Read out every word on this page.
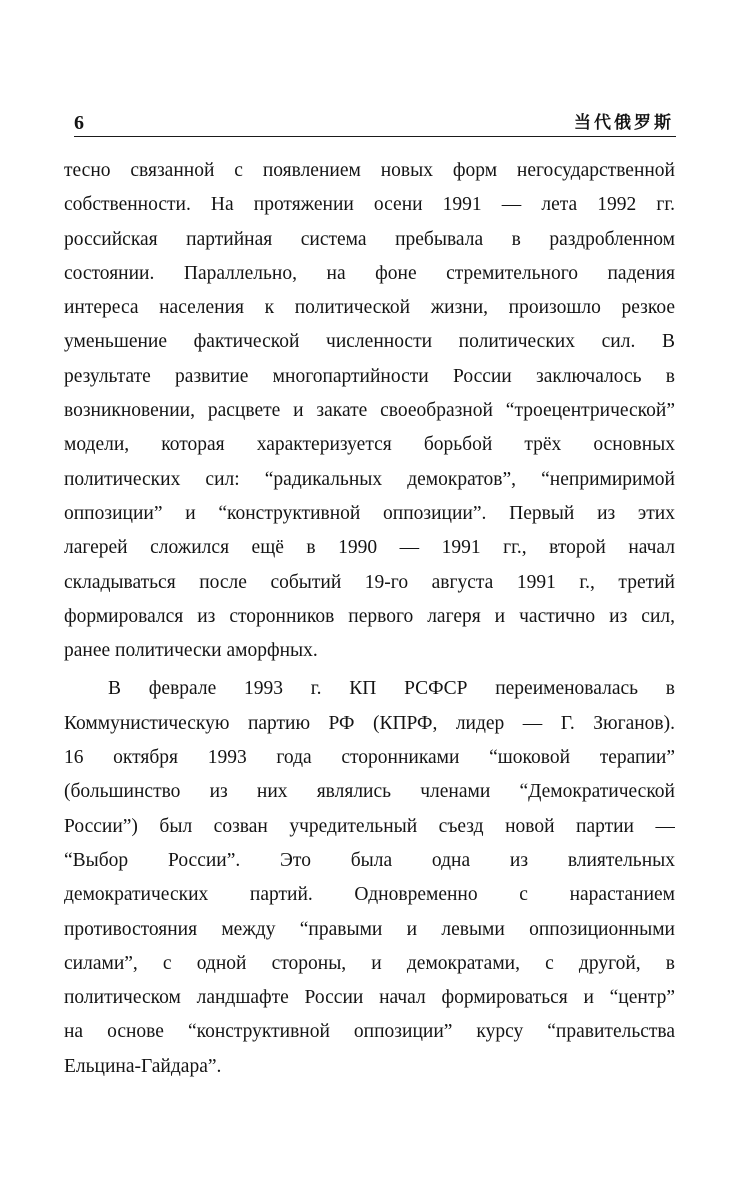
6	当代俄罗斯
тесно связанной с появлением новых форм негосударственной
собственности. На протяжении осени 1991 — лета 1992 гг.
российская партийная система пребывала в раздробленном
состоянии. Параллельно, на фоне стремительного падения
интереса населения к политической жизни, произошло резкое
уменьшение фактической численности политических сил. В
результате развитие многопартийности России заключалось в
возникновении, расцвете и закате своеобразной “троецентрической”
модели, которая характеризуется борьбой трёх основных
политических сил: “радикальных демократов”, “непримиримой
оппозиции” и “конструктивной оппозиции”. Первый из этих
лагерей сложился ещё в 1990 — 1991 гг., второй начал
складываться после событий 19-го августа 1991 г., третий
формировался из сторонников первого лагеря и частично из сил,
ранее политически аморфных.
В феврале 1993 г. КП РСФСР переименовалась в
Коммунистическую партию РФ (КПРФ, лидер — Г. Зюганов).
16 октября 1993 года сторонниками “шоковой терапии”
(большинство из них являлись членами “Демократической
России”) был созван учредительный съезд новой партии —
“Выбор России”. Это была одна из влиятельных
демократических партий. Одновременно с нарастанием
противостояния между “правыми и левыми оппозиционными
силами”, с одной стороны, и демократами, с другой, в
политическом ландшафте России начал формироваться и “центр”
на основе “конструктивной оппозиции” курсу “правительства
Ельцина-Гайдара”.
